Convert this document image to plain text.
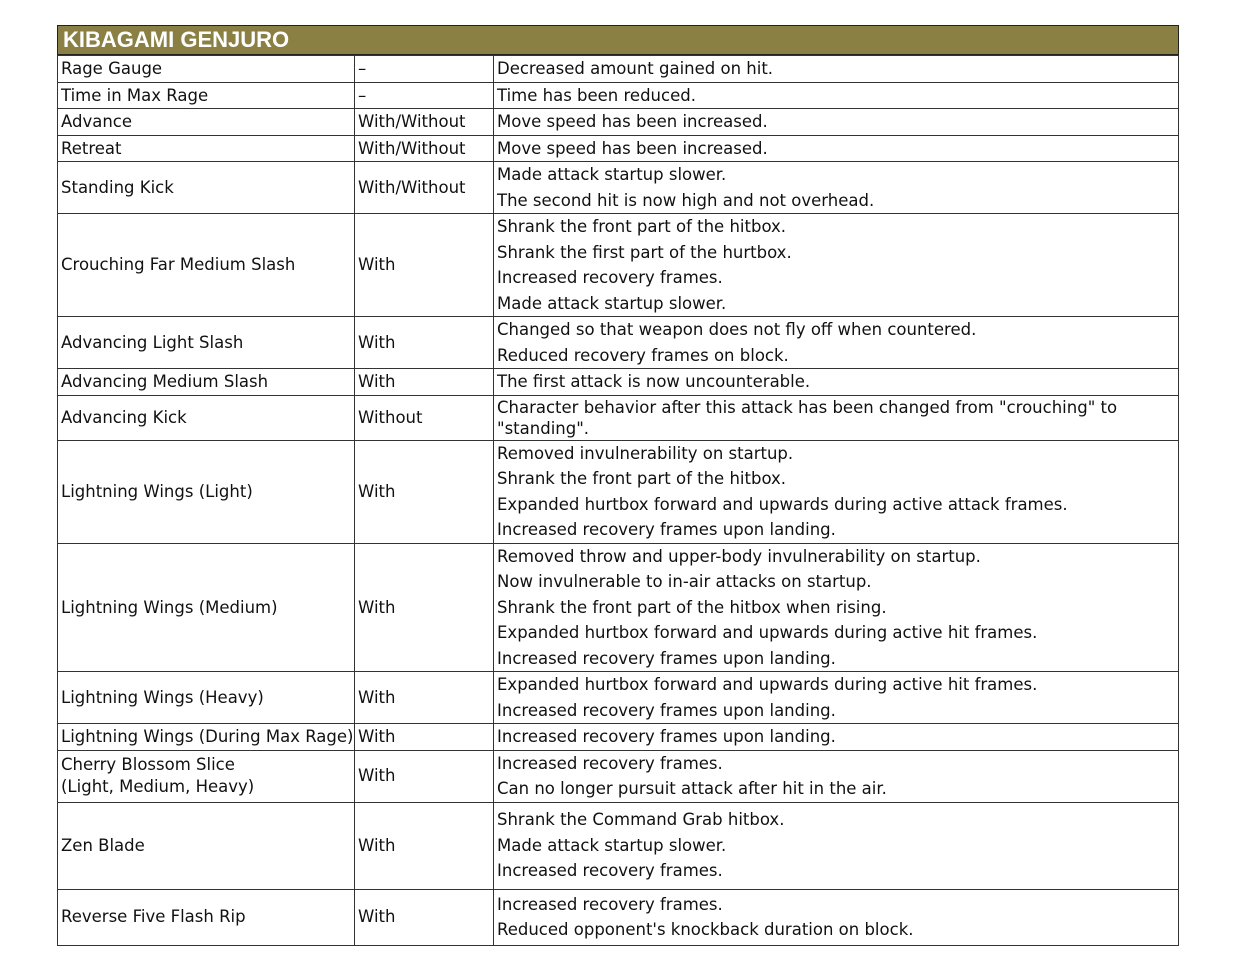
KIBAGAMI GENJURO
Rage Gauge	–	Decreased amount gained on hit.

Time in Max Rage	–	Time has been reduced.

Advance	With/Without	Move speed has been increased.

Retreat	With/Without	Move speed has been increased.

Standing Kick	With/Without	Made attack startup slower.
The second hit is now high and not overhead.

Crouching Far Medium Slash	With	Shrank the front part of the hitbox.
Shrank the first part of the hurtbox.
Increased recovery frames.
Made attack startup slower.

Advancing Light Slash	With	Changed so that weapon does not fly off when countered.
Reduced recovery frames on block.

Advancing Medium Slash	With	The first attack is now uncounterable.

Advancing Kick	Without	Character behavior after this attack has been changed from "crouching" to "standing".

Lightning Wings (Light)	With	Removed invulnerability on startup.
Shrank the front part of the hitbox.
Expanded hurtbox forward and upwards during active attack frames.
Increased recovery frames upon landing.

Lightning Wings (Medium)	With	Removed throw and upper-body invulnerability on startup.
Now invulnerable to in-air attacks on startup.
Shrank the front part of the hitbox when rising.
Expanded hurtbox forward and upwards during active hit frames.
Increased recovery frames upon landing.

Lightning Wings (Heavy)	With	Expanded hurtbox forward and upwards during active hit frames.
Increased recovery frames upon landing.

Lightning Wings (During Max Rage)	With	Increased recovery frames upon landing.

Cherry Blossom Slice
(Light, Medium, Heavy)	With	Increased recovery frames.
Can no longer pursuit attack after hit in the air.

Zen Blade	With	Shrank the Command Grab hitbox.
Made attack startup slower.
Increased recovery frames.

Reverse Five Flash Rip	With	Increased recovery frames.
Reduced opponent's knockback duration on block.
